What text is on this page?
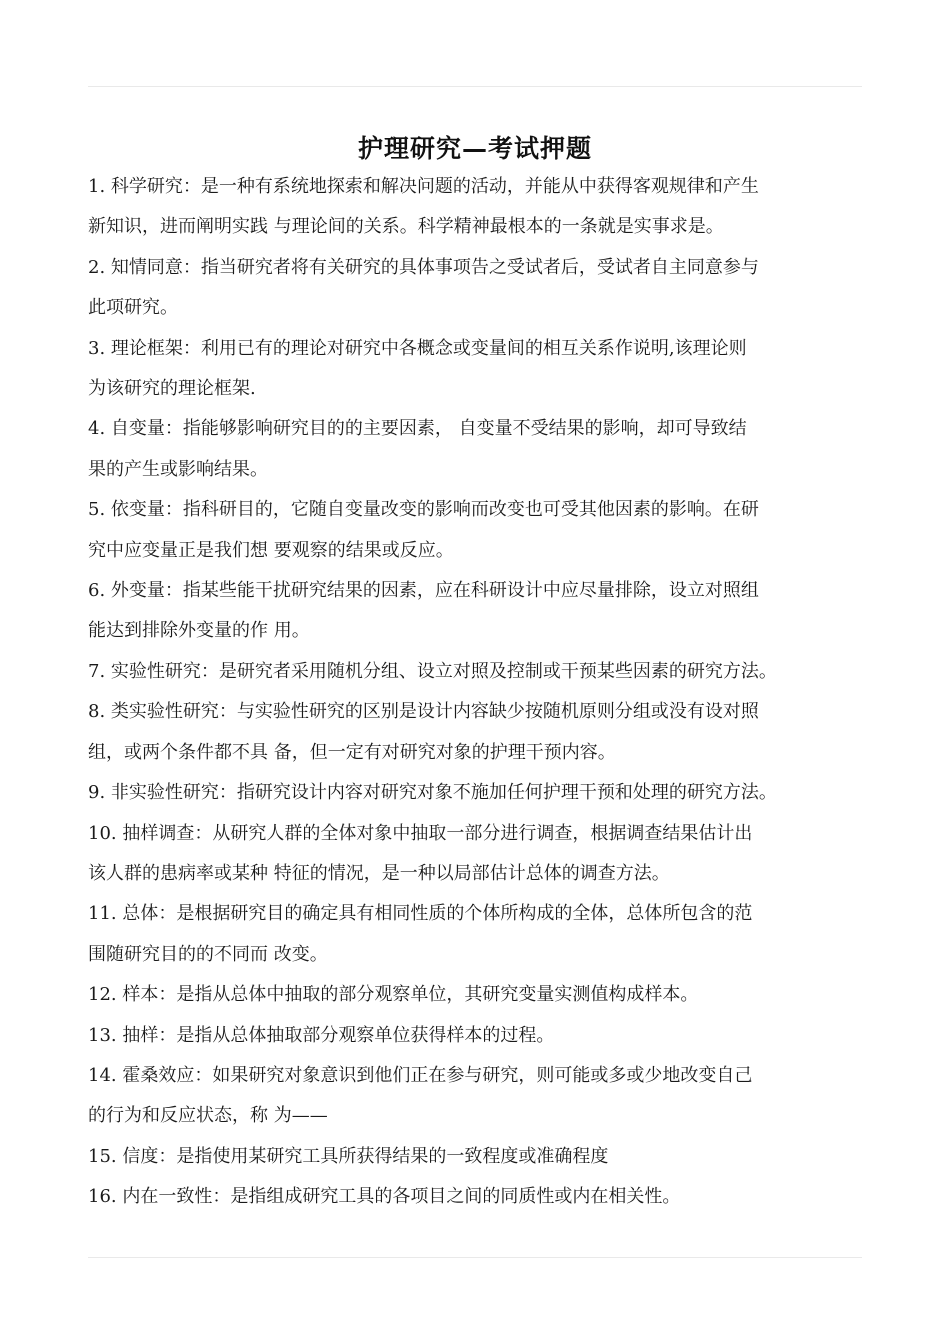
护理研究—考试押题

1. 科学研究：是一种有系统地探索和解决问题的活动，并能从中获得客观规律和产生
新知识，进而阐明实践 与理论间的关系。科学精神最根本的一条就是实事求是。

2. 知情同意：指当研究者将有关研究的具体事项告之受试者后，受试者自主同意参与
此项研究。

3. 理论框架：利用已有的理论对研究中各概念或变量间的相互关系作说明,该理论则
为该研究的理论框架.

4. 自变量：指能够影响研究目的的主要因素， 自变量不受结果的影响，却可导致结
果的产生或影响结果。

5. 依变量：指科研目的，它随自变量改变的影响而改变也可受其他因素的影响。在研
究中应变量正是我们想 要观察的结果或反应。

6. 外变量：指某些能干扰研究结果的因素，应在科研设计中应尽量排除，设立对照组
能达到排除外变量的作 用。

7. 实验性研究：是研究者采用随机分组、设立对照及控制或干预某些因素的研究方法。

8. 类实验性研究：与实验性研究的区别是设计内容缺少按随机原则分组或没有设对照
组，或两个条件都不具 备，但一定有对研究对象的护理干预内容。

9. 非实验性研究：指研究设计内容对研究对象不施加任何护理干预和处理的研究方法。

10. 抽样调查：从研究人群的全体对象中抽取一部分进行调查，根据调查结果估计出
该人群的患病率或某种 特征的情况，是一种以局部估计总体的调查方法。

11. 总体：是根据研究目的确定具有相同性质的个体所构成的全体，总体所包含的范
围随研究目的的不同而 改变。

12. 样本：是指从总体中抽取的部分观察单位，其研究变量实测值构成样本。

13. 抽样：是指从总体抽取部分观察单位获得样本的过程。

14. 霍桑效应：如果研究对象意识到他们正在参与研究，则可能或多或少地改变自己
的行为和反应状态，称 为——

15. 信度：是指使用某研究工具所获得结果的一致程度或准确程度

16. 内在一致性：是指组成研究工具的各项目之间的同质性或内在相关性。
